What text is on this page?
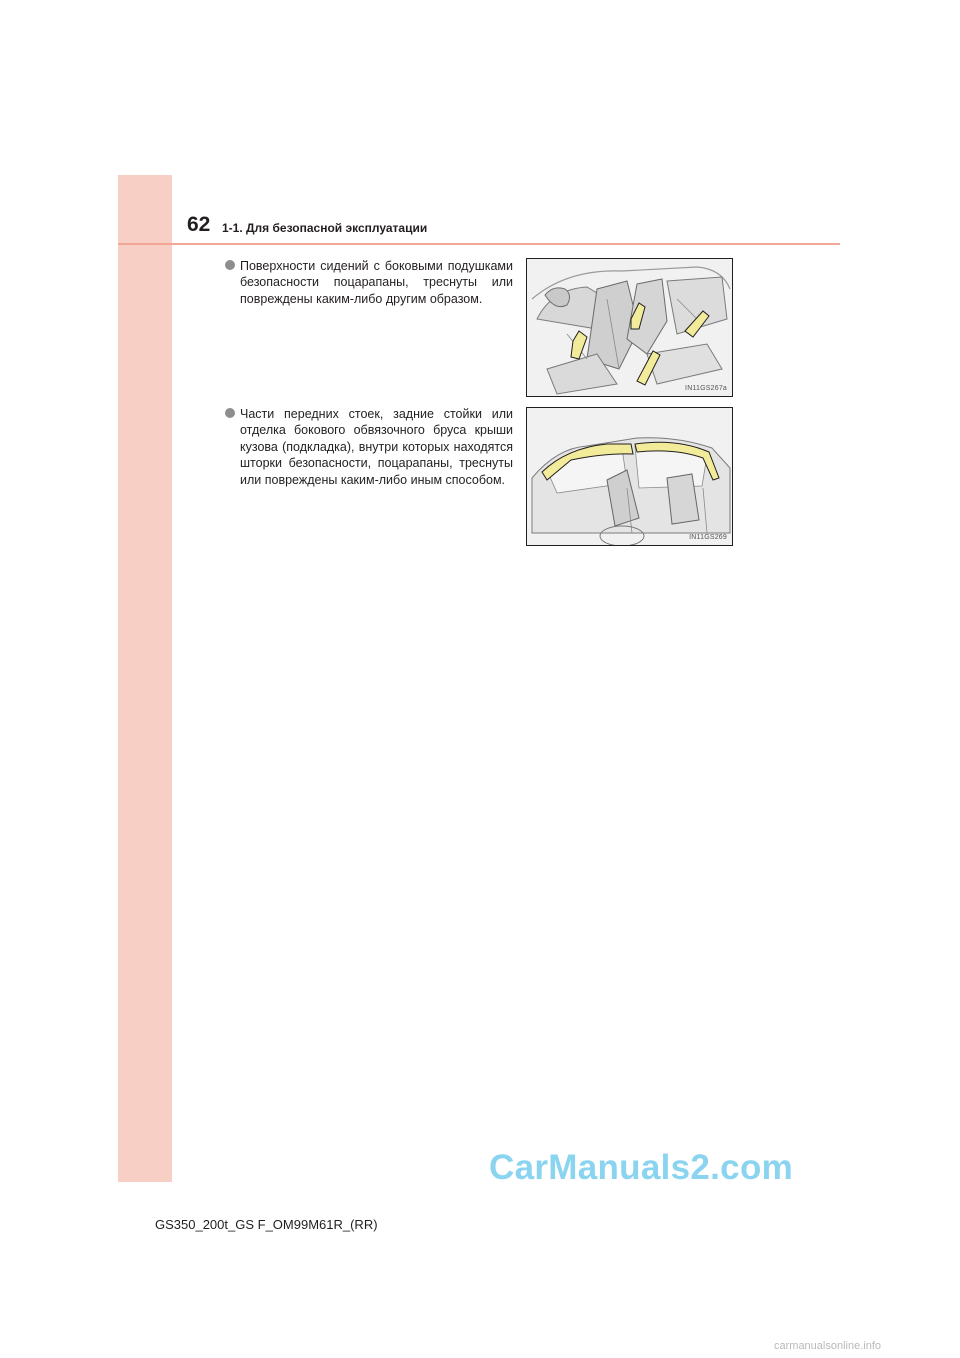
62 1-1. Для безопасной эксплуатации
Поверхности сидений с боковыми подушками безопасности поцарапаны, треснуты или повреждены каким-либо другим образом.
IN11GS267a
Части передних стоек, задние стойки или отделка бокового обвязочного бруса крыши кузова (подкладка), внутри которых находятся шторки безопасности, поцарапаны, треснуты или повреждены каким-либо иным способом.
IN11GS269
CarManuals2.com
GS350_200t_GS F_OM99M61R_(RR)
carmanualsonline.info
